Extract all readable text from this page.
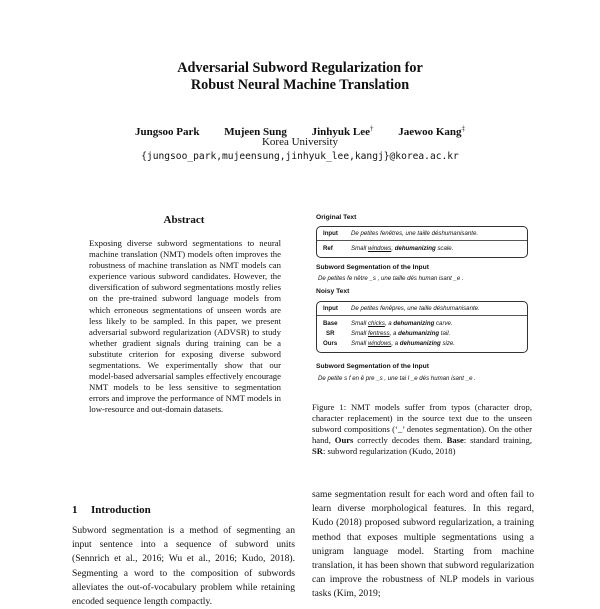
Adversarial Subword Regularization for
Robust Neural Machine Translation
Jungsoo Park Mujeen Sung Jinhyuk Lee† Jaewoo Kang‡
Korea University
{jungsoo_park,mujeensung,jinhyuk_lee,kangj}@korea.ac.kr
Abstract
Exposing diverse subword segmentations to neural machine translation (NMT) models often improves the robustness of machine translation as NMT models can experience various subword candidates. However, the diversification of subword segmentations mostly relies on the pre-trained subword language models from which erroneous segmentations of unseen words are less likely to be sampled. In this paper, we present adversarial subword regularization (ADVSR) to study whether gradient signals during training can be a substitute criterion for exposing diverse subword segmentations. We experimentally show that our model-based adversarial samples effectively encourage NMT models to be less sensitive to segmentation errors and improve the performance of NMT models in low-resource and out-domain datasets.
1 Introduction
Subword segmentation is a method of segmenting an input sentence into a sequence of subword units (Sennrich et al., 2016; Wu et al., 2016; Kudo, 2018). Segmenting a word to the composition of subwords alleviates the out-of-vocabulary problem while retaining encoded sequence length compactly.
Original Text
Input	De petites fenêtres, une taille déshumanisante.
Ref	Small windows, dehumanizing scale.
Subword Segmentation of the Input
De petites fe nêtre _s , une taille dés human isant _e .
Noisy Text
Input	De petites fenêpres, une taille déshumanisante.
Base	Small chicks, a dehumanizing carve.
SR	Small fentress, a dehumanizing tail.
Ours	Small windows, a dehumanizing size.
Subword Segmentation of the Input
De petite s f en ê pre _s , une tai l _e dés human isant _e .
Figure 1: NMT models suffer from typos (character drop, character replacement) in the source text due to the unseen subword compositions (‘_’ denotes segmentation). On the other hand, Ours correctly decodes them. Base: standard training, SR: subword regularization (Kudo, 2018)
same segmentation result for each word and often fail to learn diverse morphological features. In this regard, Kudo (2018) proposed subword regularization, a training method that exposes multiple segmentations using a unigram language model. Starting from machine translation, it has been shown that subword regularization can improve the robustness of NLP models in various tasks (Kim, 2019;
